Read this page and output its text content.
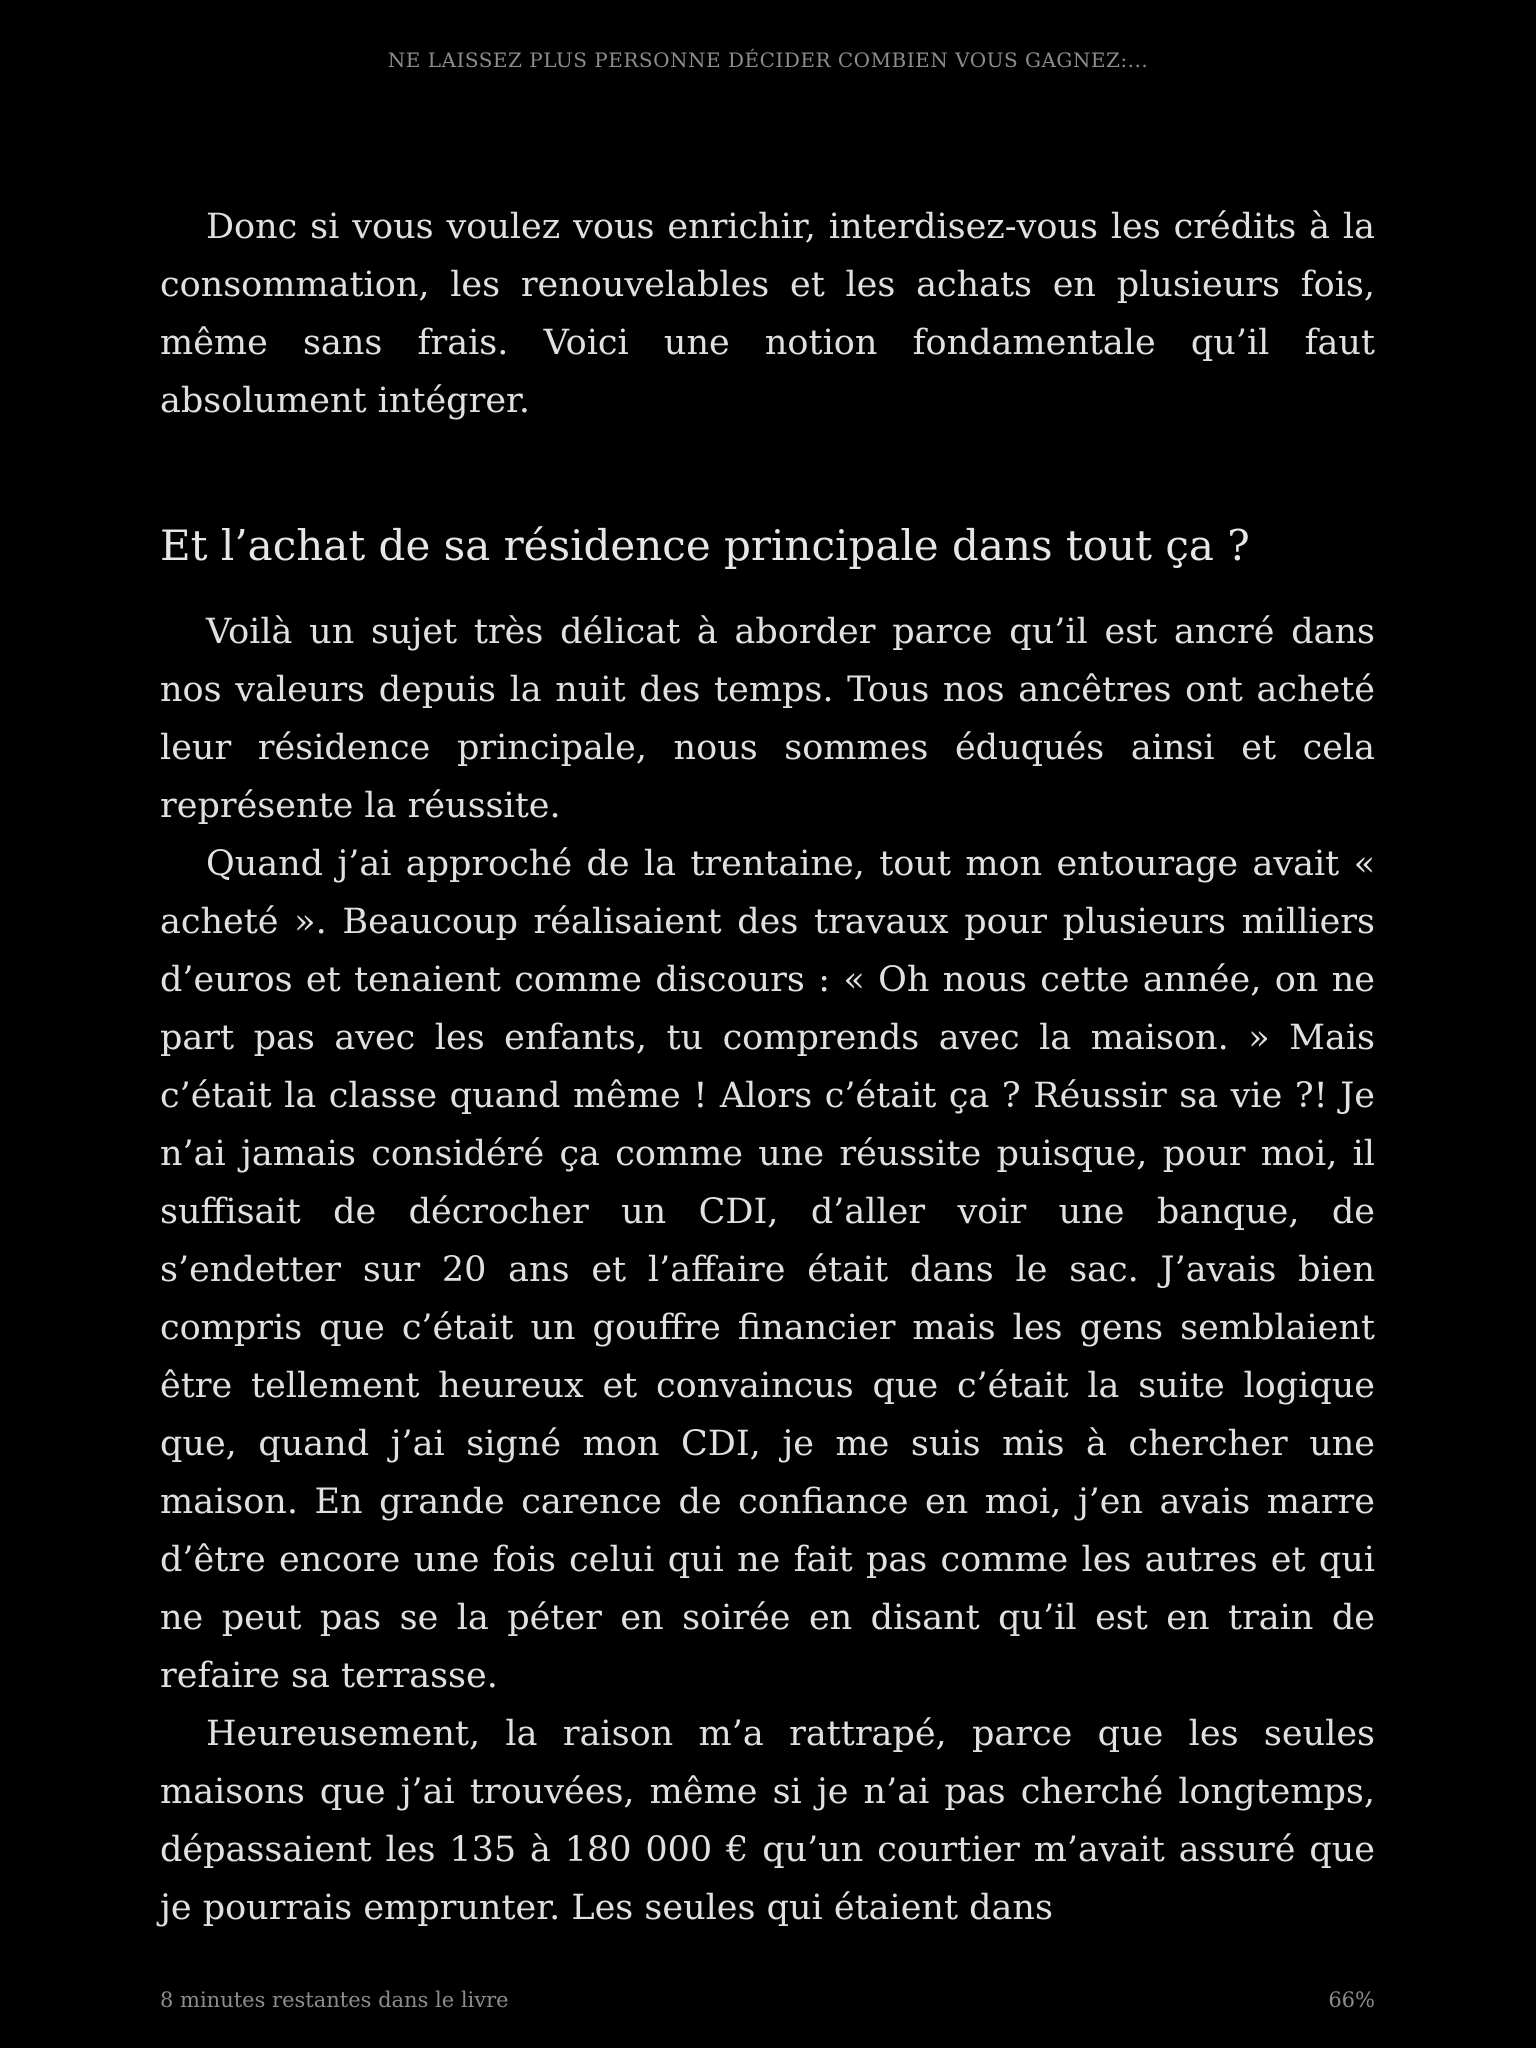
NE LAISSEZ PLUS PERSONNE DÉCIDER COMBIEN VOUS GAGNEZ:...

Donc si vous voulez vous enrichir, interdisez-vous les crédits à la consommation, les renouvelables et les achats en plusieurs fois, même sans frais. Voici une notion fondamentale qu’il faut absolument intégrer.

Et l’achat de sa résidence principale dans tout ça ?

Voilà un sujet très délicat à aborder parce qu’il est ancré dans nos valeurs depuis la nuit des temps. Tous nos ancêtres ont acheté leur résidence principale, nous sommes éduqués ainsi et cela représente la réussite.

Quand j’ai approché de la trentaine, tout mon entourage avait « acheté ». Beaucoup réalisaient des travaux pour plusieurs milliers d’euros et tenaient comme discours : « Oh nous cette année, on ne part pas avec les enfants, tu comprends avec la maison. » Mais c’était la classe quand même ! Alors c’était ça ? Réussir sa vie ?! Je n’ai jamais considéré ça comme une réussite puisque, pour moi, il suffisait de décrocher un CDI, d’aller voir une banque, de s’endetter sur 20 ans et l’affaire était dans le sac. J’avais bien compris que c’était un gouffre financier mais les gens semblaient être tellement heureux et convaincus que c’était la suite logique que, quand j’ai signé mon CDI, je me suis mis à chercher une maison. En grande carence de confiance en moi, j’en avais marre d’être encore une fois celui qui ne fait pas comme les autres et qui ne peut pas se la péter en soirée en disant qu’il est en train de refaire sa terrasse.

Heureusement, la raison m’a rattrapé, parce que les seules maisons que j’ai trouvées, même si je n’ai pas cherché longtemps, dépassaient les 135 à 180 000 € qu’un courtier m’avait assuré que je pourrais emprunter. Les seules qui étaient dans

8 minutes restantes dans le livre	66%
